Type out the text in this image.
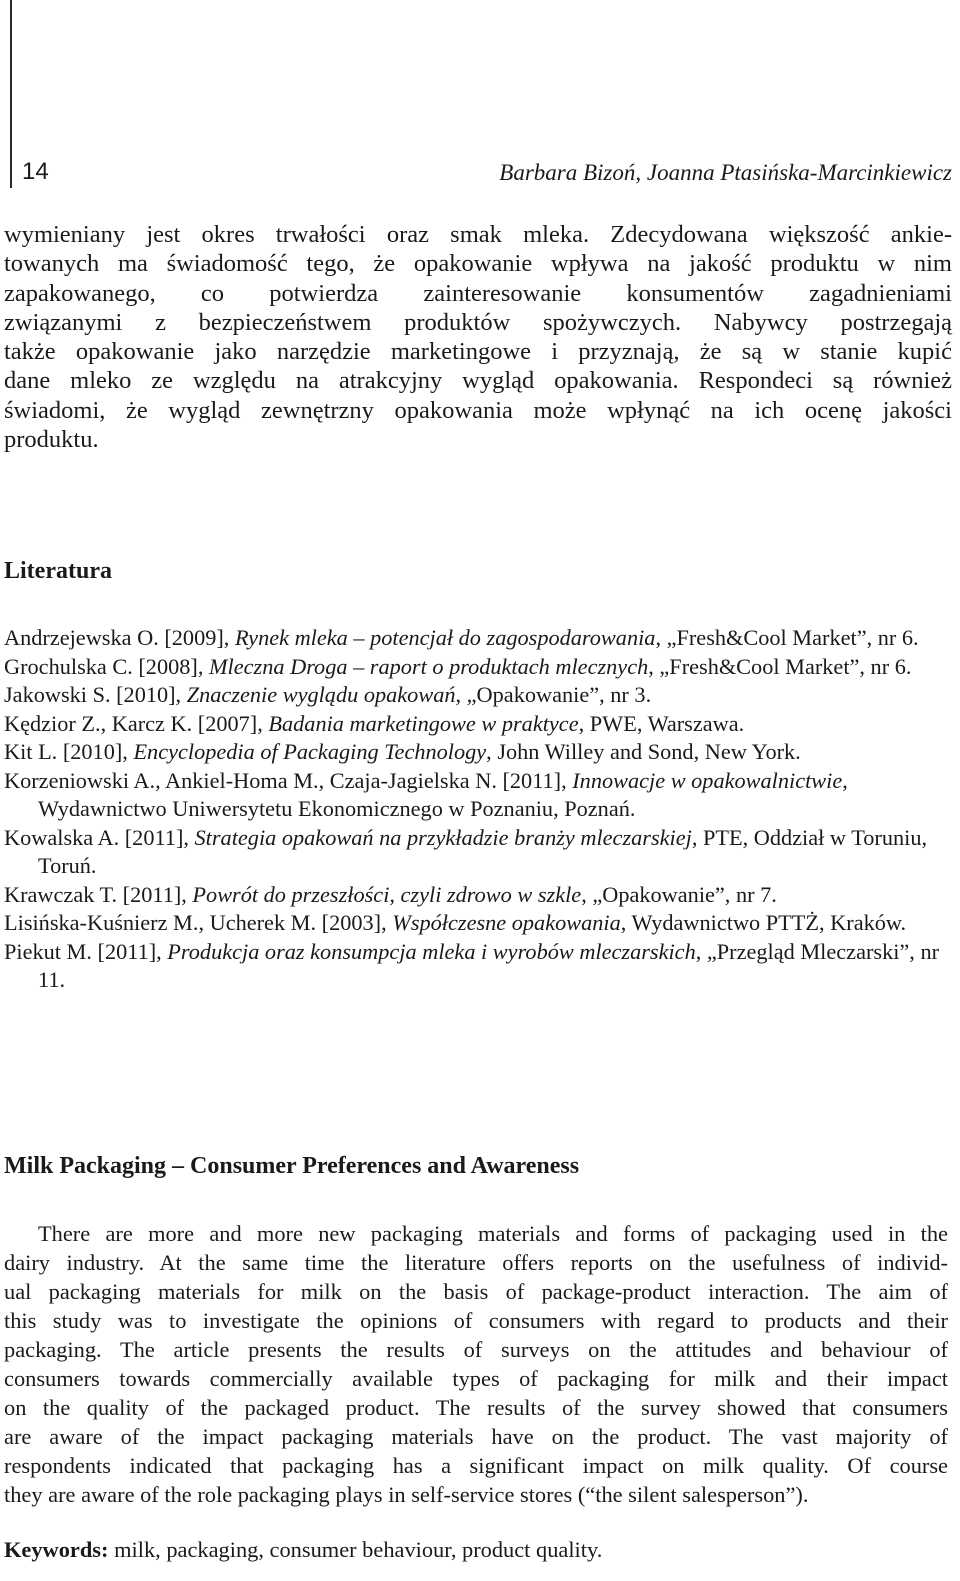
14	Barbara Bizoń, Joanna Ptasińska-Marcinkiewicz
wymieniany jest okres trwałości oraz smak mleka. Zdecydowana większość ankie-
towanych ma świadomość tego, że opakowanie wpływa na jakość produktu w nim
zapakowanego, co potwierdza zainteresowanie konsumentów zagadnieniami
związanymi z bezpieczeństwem produktów spożywczych. Nabywcy postrzegają
także opakowanie jako narzędzie marketingowe i przyznają, że są w stanie kupić
dane mleko ze względu na atrakcyjny wygląd opakowania. Respondeci są również
świadomi, że wygląd zewnętrzny opakowania może wpłynąć na ich ocenę jakości
produktu.
Literatura
Andrzejewska O. [2009], Rynek mleka – potencjał do zagospodarowania, „Fresh&Cool Market”, nr 6.
Grochulska C. [2008], Mleczna Droga – raport o produktach mlecznych, „Fresh&Cool Market”, nr 6.
Jakowski S. [2010], Znaczenie wyglądu opakowań, „Opakowanie”, nr 3.
Kędzior Z., Karcz K. [2007], Badania marketingowe w praktyce, PWE, Warszawa.
Kit L. [2010], Encyclopedia of Packaging Technology, John Willey and Sond, New York.
Korzeniowski A., Ankiel-Homa M., Czaja-Jagielska N. [2011], Innowacje w opakowalnictwie, Wydawnictwo Uniwersytetu Ekonomicznego w Poznaniu, Poznań.
Kowalska A. [2011], Strategia opakowań na przykładzie branży mleczarskiej, PTE, Oddział w Toruniu, Toruń.
Krawczak T. [2011], Powrót do przeszłości, czyli zdrowo w szkle, „Opakowanie”, nr 7.
Lisińska-Kuśnierz M., Ucherek M. [2003], Współczesne opakowania, Wydawnictwo PTTŻ, Kraków.
Piekut M. [2011], Produkcja oraz konsumpcja mleka i wyrobów mleczarskich, „Przegląd Mleczarski”, nr 11.
Milk Packaging – Consumer Preferences and Awareness
There are more and more new packaging materials and forms of packaging used in the
dairy industry. At the same time the literature offers reports on the usefulness of individ-
ual packaging materials for milk on the basis of package-product interaction. The aim of
this study was to investigate the opinions of consumers with regard to products and their
packaging. The article presents the results of surveys on the attitudes and behaviour of
consumers towards commercially available types of packaging for milk and their impact
on the quality of the packaged product. The results of the survey showed that consumers
are aware of the impact packaging materials have on the product. The vast majority of
respondents indicated that packaging has a significant impact on milk quality. Of course
they are aware of the role packaging plays in self-service stores (“the silent salesperson”).
Keywords: milk, packaging, consumer behaviour, product quality.
